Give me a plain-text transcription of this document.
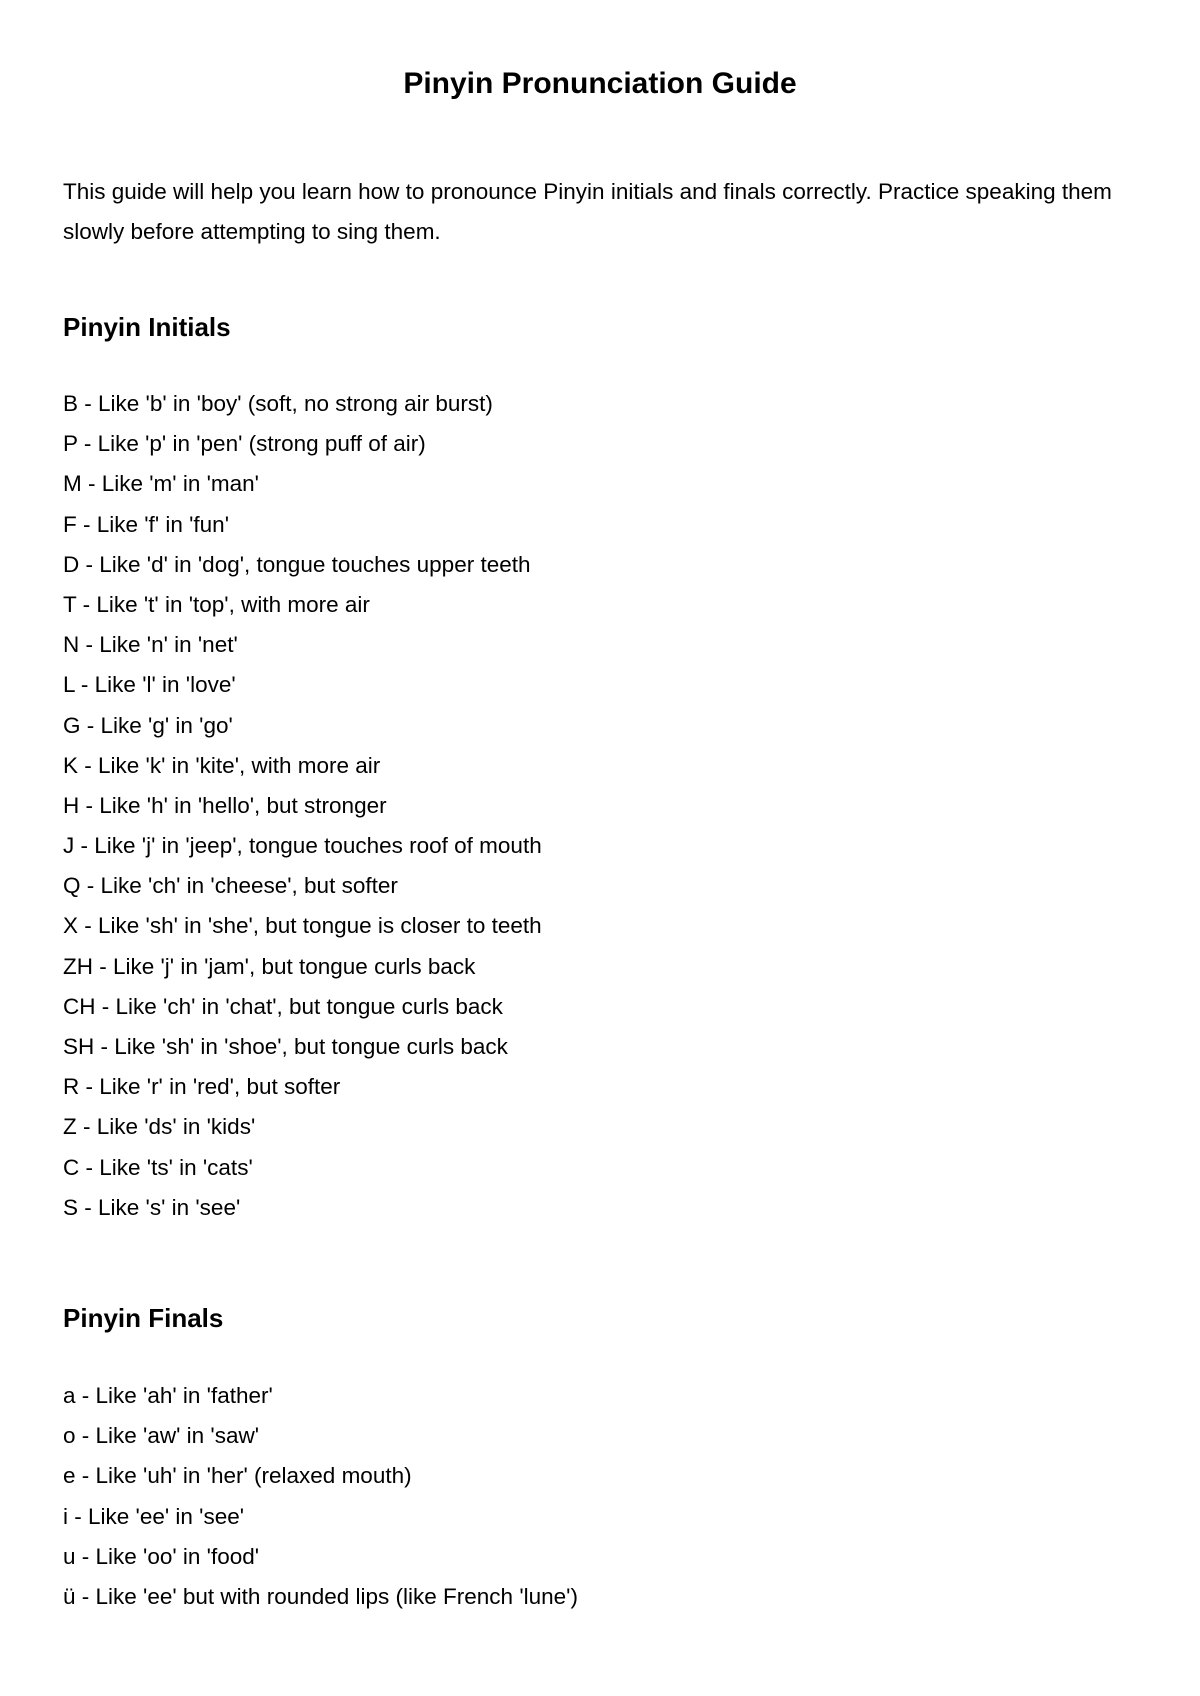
Pinyin Pronunciation Guide

This guide will help you learn how to pronounce Pinyin initials and finals correctly. Practice speaking them slowly before attempting to sing them.

Pinyin Initials
B - Like 'b' in 'boy' (soft, no strong air burst)
P - Like 'p' in 'pen' (strong puff of air)
M - Like 'm' in 'man'
F - Like 'f' in 'fun'
D - Like 'd' in 'dog', tongue touches upper teeth
T - Like 't' in 'top', with more air
N - Like 'n' in 'net'
L - Like 'l' in 'love'
G - Like 'g' in 'go'
K - Like 'k' in 'kite', with more air
H - Like 'h' in 'hello', but stronger
J - Like 'j' in 'jeep', tongue touches roof of mouth
Q - Like 'ch' in 'cheese', but softer
X - Like 'sh' in 'she', but tongue is closer to teeth
ZH - Like 'j' in 'jam', but tongue curls back
CH - Like 'ch' in 'chat', but tongue curls back
SH - Like 'sh' in 'shoe', but tongue curls back
R - Like 'r' in 'red', but softer
Z - Like 'ds' in 'kids'
C - Like 'ts' in 'cats'
S - Like 's' in 'see'
Pinyin Finals
a - Like 'ah' in 'father'
o - Like 'aw' in 'saw'
e - Like 'uh' in 'her' (relaxed mouth)
i - Like 'ee' in 'see'
u - Like 'oo' in 'food'
ü - Like 'ee' but with rounded lips (like French 'lune')
